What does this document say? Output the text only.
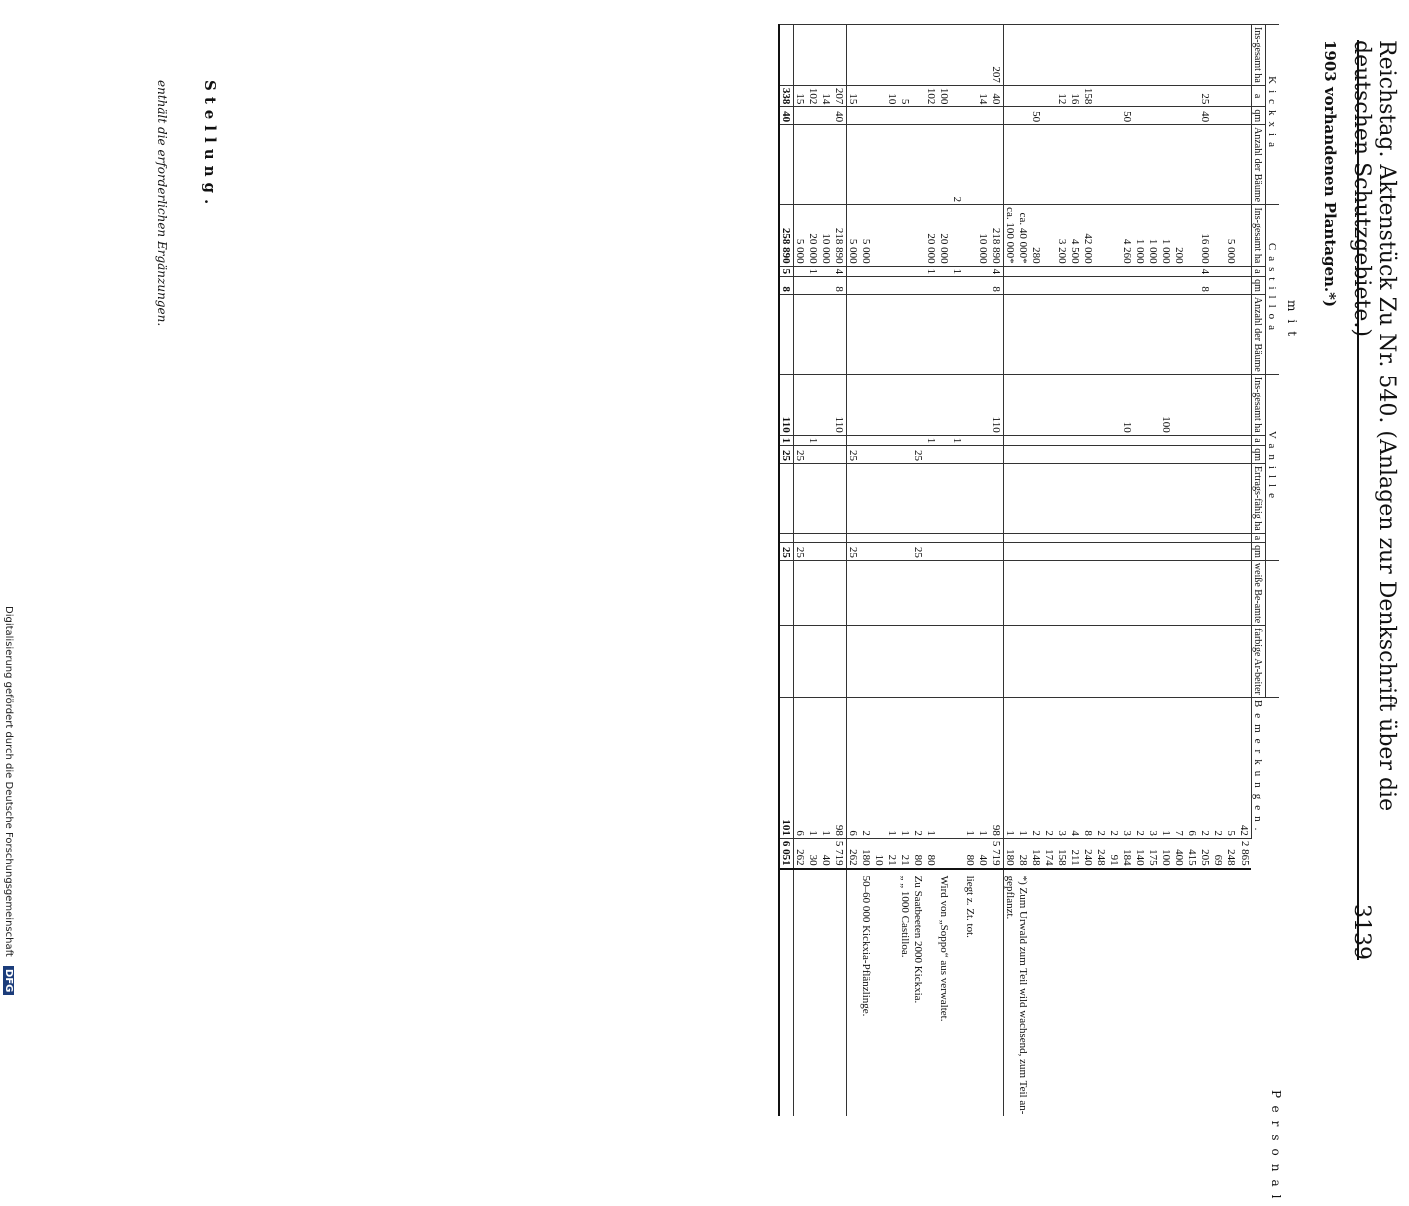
Reichstag. Aktenstück Zu Nr. 540. (Anlagen zur Denkschrift über die deutschen Schutzgebiete.)
3139
1903 vorhandenen Plantagen.*)
mit
Personal
Kickxia				Castilloa				Vanille								Bemerkungen.		
Ins-gesamt ha	a	qm	Anzahl der Bäume	Ins-gesamt ha	a	qm	Anzahl der Bäume	Ins-gesamt ha	a	qm	Ertrags-fähig ha	a	qm	weiße Be-amte	farbige Ar-beiter			
																42	2 865	
				5 000												5	248	
																2	69	
	25	40		16 000	4	8										2	205	
																6	415	
				200												7	400	
				1 000				100								1	100	
				1 000												3	175	
				1 000												2	140	
		50		4 260				10								3	184	
																2	91	
																2	248	
	158			42 000												8	240	
	16			4 500												4	211	
	12			3 200												3	158	
																2	174	
		50		280												2	148	
				ca. 40 000*												1	28	*) Zum Urwald zum Teil wild wachsend, zum Teil an-
				ca. 100 000*												1	180	gepflanzt.
207	40			218 890	4	8		110								98	5 719	
	14			10 000												1	40	
																1	80	liegt z. Zt. tot.
			2		1				1									
	100			20 000														Wird von „Soppo“ aus verwaltet.
	102			20 000	1				1							1	80	
										25			25			2	80	Zu Saatbeeten 2000 Kickxia.
	5															1	21	„ „ 1000 Castilloa.
	10															1	21	
																	10	
				5 000												2	180	50–60 000 Kickxia-Pflänzlinge.
	15			5 000						25			25			6	262	
	207	40		218 890	4	8		110								98	5 719	
	14			10 000												1	40	
	102			20 000	1				1							1	30	
	15			5 000						25			25			6	262	
	338	40		258 890	5	8		110	1	25			25			101	6 051	
Stellung.
enthält die erforderlichen Ergänzungen.
Digitalisierung gefördert durch die Deutsche Forschungsgemeinschaft DFG
